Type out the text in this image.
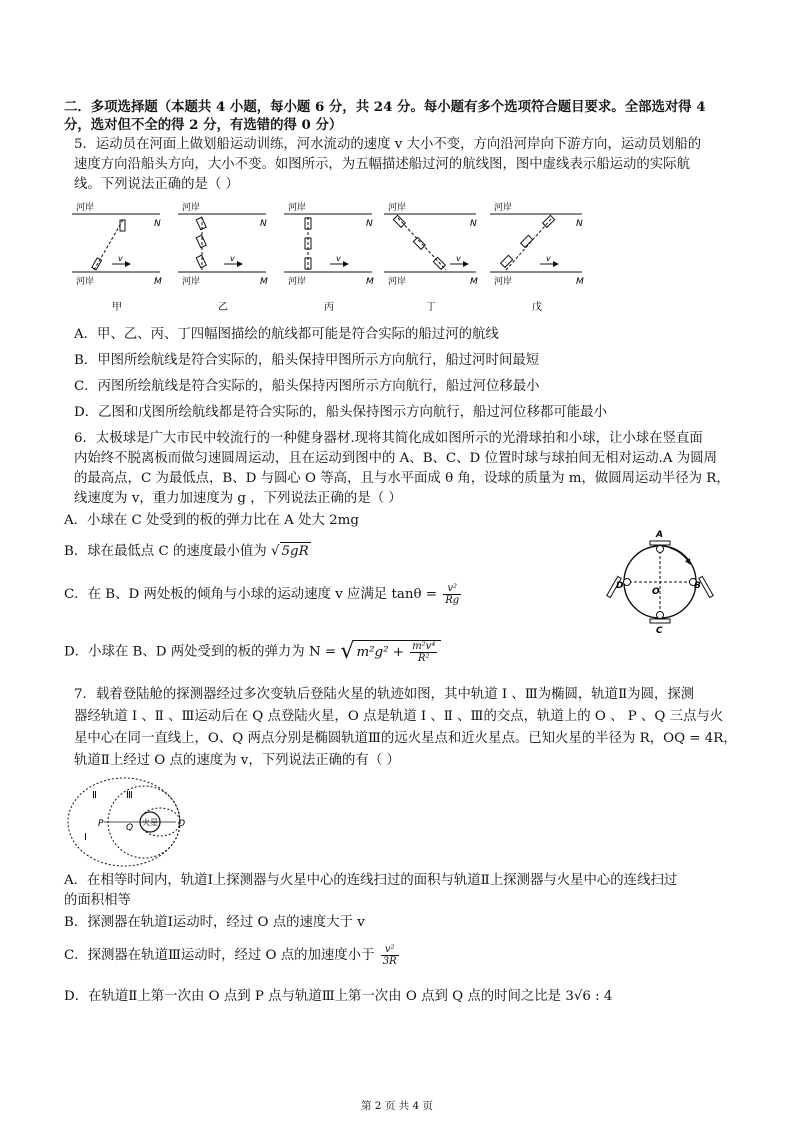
二．多项选择题（本题共 4 小题，每小题 6 分，共 24 分。每小题有多个选项符合题目要求。全部选对得 4
分，选对但不全的得 2 分，有选错的得 0 分）
5．运动员在河面上做划船运动训练，河水流动的速度 v 大小不变，方向沿河岸向下游方向，运动员划船的
速度方向沿船头方向，大小不变。如图所示，为五幅描述船过河的航线图，图中虚线表示船运动的实际航
线。下列说法正确的是（ ）
河岸
N
河岸	M
v
甲
河岸
N
河岸	M
v
乙
河岸
N
河岸	M
v
丙
河岸
N
河岸	M
v
丁
河岸
N
河岸	M
v
戊
A．甲、乙、丙、丁四幅图描绘的航线都可能是符合实际的船过河的航线
B．甲图所绘航线是符合实际的，船头保持甲图所示方向航行，船过河时间最短
C．丙图所绘航线是符合实际的，船头保持丙图所示方向航行，船过河位移最小
D．乙图和戊图所绘航线都是符合实际的，船头保持图示方向航行，船过河位移都可能最小
6．太极球是广大市民中较流行的一种健身器材.现将其简化成如图所示的光滑球拍和小球，让小球在竖直面
内始终不脱离板而做匀速圆周运动，且在运动到图中的 A、B、C、D 位置时球与球拍间无相对运动.A 为圆周
的最高点，C 为最低点，B、D 与圆心 O 等高，且与水平面成 θ 角，设球的质量为 m，做圆周运动半径为 R，
线速度为 v，重力加速度为 g ，下列说法正确的是（ ）
A．小球在 C 处受到的板的弹力比在 A 处大 2mg
B．球在最低点 C 的速度最小值为 √ 5gR
C．在 B、D 两处板的倾角与小球的运动速度 v 应满足 $\tan\theta = \frac{\text{v²}}{Rg}$
D．小球在 B、D 两处受到的板的弹力为 N = √ $m^2g^2 + \frac{\text{m²v⁴}}{\text{R²}}$
A
B
C
D
O
7．载着登陆舱的探测器经过多次变轨后登陆火星的轨迹如图，其中轨道 Ⅰ 、Ⅲ为椭圆，轨道Ⅱ为圆，探测
器经轨道 Ⅰ 、Ⅱ 、Ⅲ运动后在 Q 点登陆火星，O 点是轨道 Ⅰ 、Ⅱ 、Ⅲ的交点，轨道上的 O 、 P 、Q 三点与火
星中心在同一直线上，O、Q 两点分别是椭圆轨道Ⅲ的远火星点和近火星点。已知火星的半径为 R，OQ = 4R，
轨道Ⅱ上经过 O 点的速度为 v，下列说法正确的有（ ）
Ⅱ	Ⅲ
Ⅰ
P	Q	O
火星
A．在相等时间内，轨道Ⅰ上探测器与火星中心的连线扫过的面积与轨道Ⅱ上探测器与火星中心的连线扫过
的面积相等
B．探测器在轨道Ⅰ运动时，经过 O 点的速度大于 v
C．探测器在轨道Ⅲ运动时，经过 O 点的加速度小于 $\frac{\text{v²}}{3R}$
D．在轨道Ⅱ上第一次由 O 点到 P 点与轨道Ⅲ上第一次由 O 点到 Q 点的时间之比是 3√6 : 4
第 2 页 共 4 页
